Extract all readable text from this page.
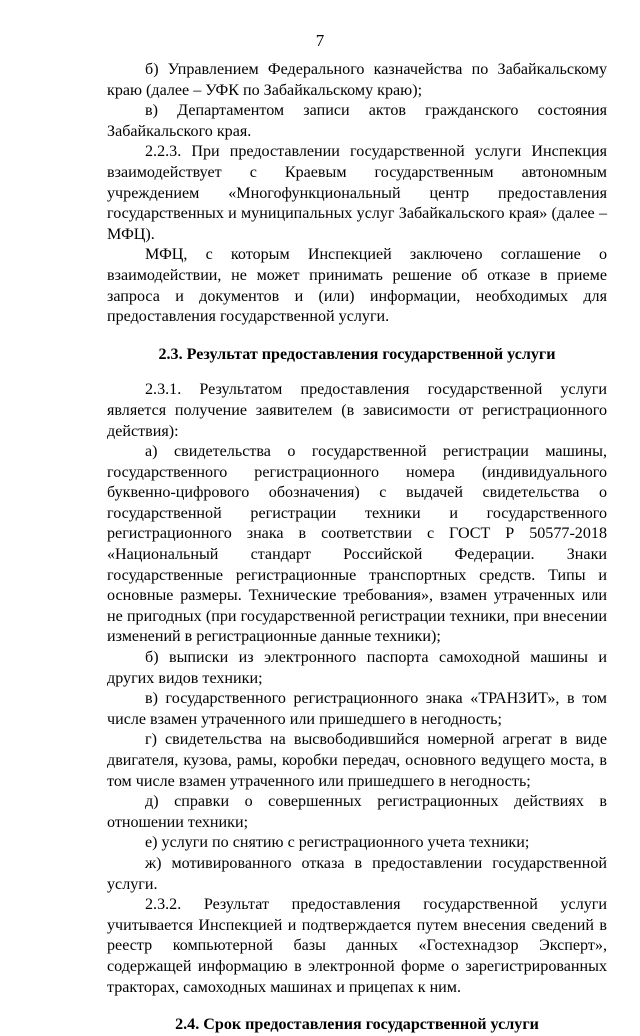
7

б) Управлением Федерального казначейства по Забайкальскому краю (далее – УФК по Забайкальскому краю);

в) Департаментом записи актов гражданского состояния Забайкальского края.

2.2.3. При предоставлении государственной услуги Инспекция взаимодействует с Краевым государственным автономным учреждением «Многофункциональный центр предоставления государственных и муниципальных услуг Забайкальского края» (далее – МФЦ).

МФЦ, с которым Инспекцией заключено соглашение о взаимодействии, не может принимать решение об отказе в приеме запроса и документов и (или) информации, необходимых для предоставления государственной услуги.

2.3. Результат предоставления государственной услуги

2.3.1. Результатом предоставления государственной услуги является получение заявителем (в зависимости от регистрационного действия):

а) свидетельства о государственной регистрации машины, государственного регистрационного номера (индивидуального буквенно-цифрового обозначения) с выдачей свидетельства о государственной регистрации техники и государственного регистрационного знака в соответствии с ГОСТ Р 50577-2018 «Национальный стандарт Российской Федерации. Знаки государственные регистрационные транспортных средств. Типы и основные размеры. Технические требования», взамен утраченных или не пригодных (при государственной регистрации техники, при внесении изменений в регистрационные данные техники);

б) выписки из электронного паспорта самоходной машины и других видов техники;

в) государственного регистрационного знака «ТРАНЗИТ», в том числе взамен утраченного или пришедшего в негодность;

г) свидетельства на высвободившийся номерной агрегат в виде двигателя, кузова, рамы, коробки передач, основного ведущего моста, в том числе взамен утраченного или пришедшего в негодность;

д) справки о совершенных регистрационных действиях в отношении техники;

е) услуги по снятию с регистрационного учета техники;

ж) мотивированного отказа в предоставлении государственной услуги.

2.3.2. Результат предоставления государственной услуги учитывается Инспекцией и подтверждается путем внесения сведений в реестр компьютерной базы данных «Гостехнадзор Эксперт», содержащей информацию в электронной форме о зарегистрированных тракторах, самоходных машинах и прицепах к ним.

2.4. Срок предоставления государственной услуги
